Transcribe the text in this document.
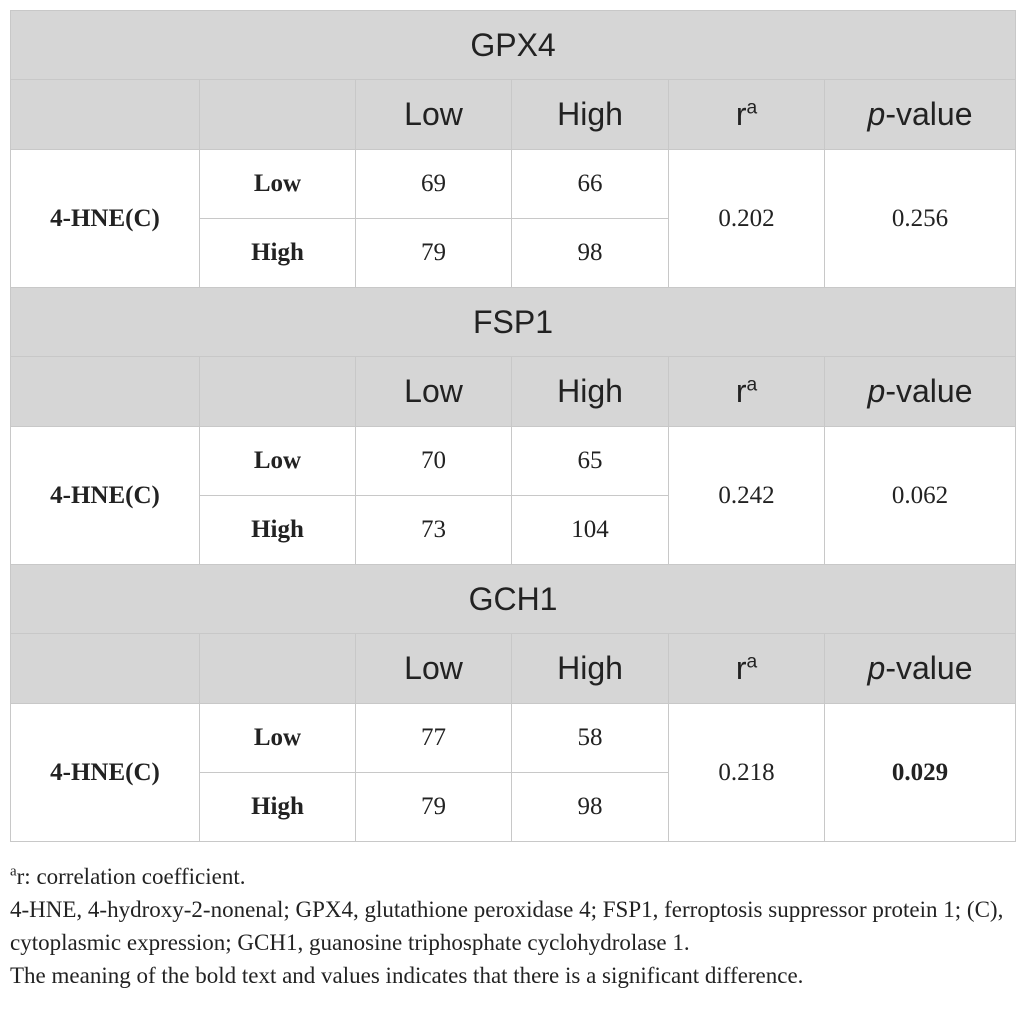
GPX4					
		Low	High	$r^a$	p-value
4-HNE(C)	Low	69	66	0.202	0.256
	High	79	98		
FSP1					
		Low	High	$r^a$	p-value
4-HNE(C)	Low	70	65	0.242	0.062
	High	73	104		
GCH1					
		Low	High	$r^a$	p-value
4-HNE(C)	Low	77	58	0.218	0.029
	High	79	98		

$^a$r: correlation coefficient.

4-HNE, 4-hydroxy-2-nonenal; GPX4, glutathione peroxidase 4; FSP1, ferroptosis suppressor protein 1; (C), cytoplasmic expression; GCH1, guanosine triphosphate cyclohydrolase 1.

The meaning of the bold text and values indicates that there is a significant difference.
